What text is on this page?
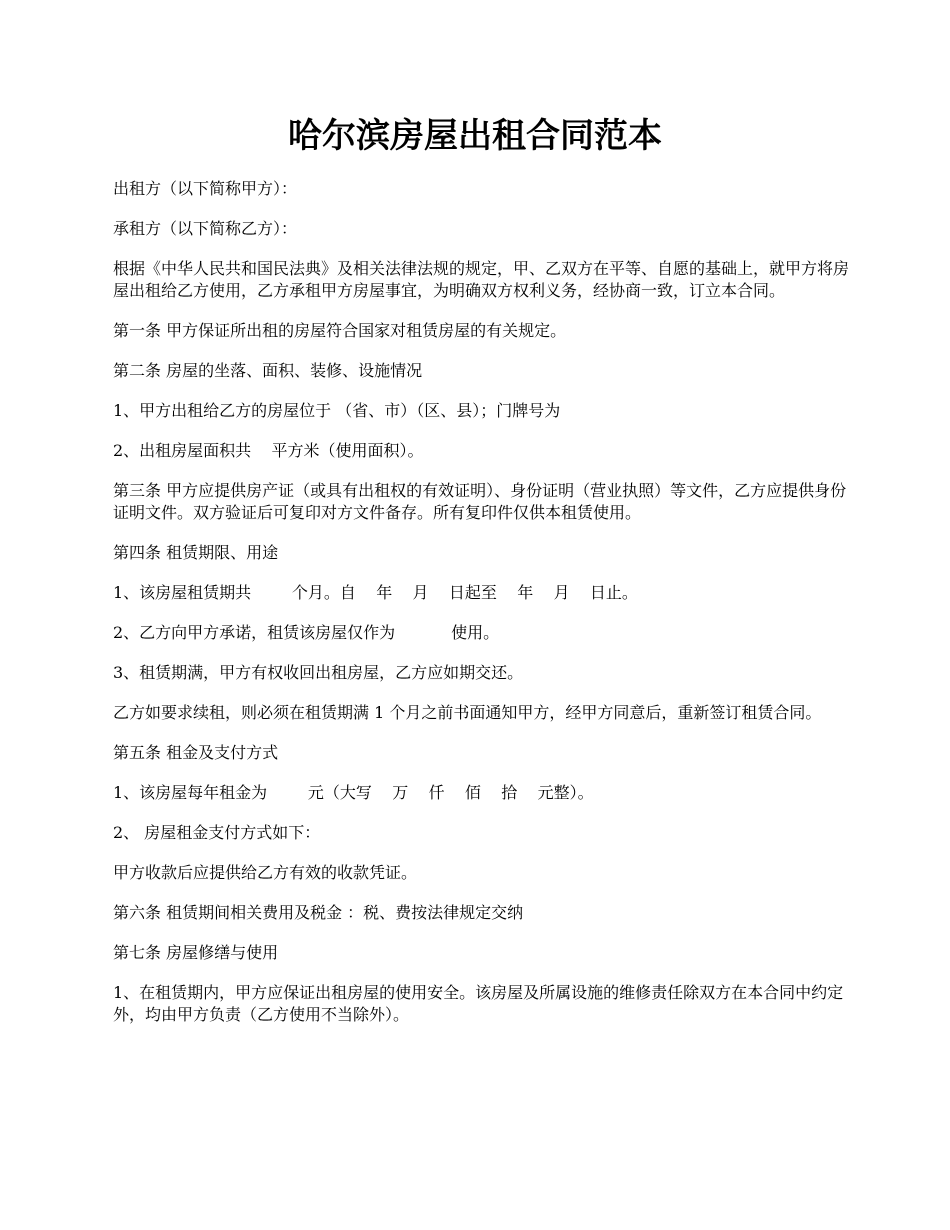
哈尔滨房屋出租合同范本

出租方（以下简称甲方）：

承租方（以下简称乙方）：

根据《中华人民共和国民法典》及相关法律法规的规定，甲、乙双方在平等、自愿的基础上，就甲方将房屋出租给乙方使用，乙方承租甲方房屋事宜，为明确双方权利义务，经协商一致，订立本合同。

第一条 甲方保证所出租的房屋符合国家对租赁房屋的有关规定。

第二条 房屋的坐落、面积、装修、设施情况

1、甲方出租给乙方的房屋位于 （省、市）（区、县）；门牌号为

2、出租房屋面积共    平方米（使用面积）。

第三条 甲方应提供房产证（或具有出租权的有效证明）、身份证明（营业执照）等文件，乙方应提供身份证明文件。双方验证后可复印对方文件备存。所有复印件仅供本租赁使用。

第四条 租赁期限、用途

1、该房屋租赁期共        个月。自    年    月    日起至    年    月    日止。

2、乙方向甲方承诺，租赁该房屋仅作为           使用。

3、租赁期满，甲方有权收回出租房屋，乙方应如期交还。

乙方如要求续租，则必须在租赁期满 1 个月之前书面通知甲方，经甲方同意后，重新签订租赁合同。

第五条 租金及支付方式

1、该房屋每年租金为        元（大写    万    仟    佰    拾    元整）。

2、 房屋租金支付方式如下：

甲方收款后应提供给乙方有效的收款凭证。

第六条 租赁期间相关费用及税金 ：税、费按法律规定交纳

第七条 房屋修缮与使用

1、在租赁期内，甲方应保证出租房屋的使用安全。该房屋及所属设施的维修责任除双方在本合同中约定外，均由甲方负责（乙方使用不当除外）。
